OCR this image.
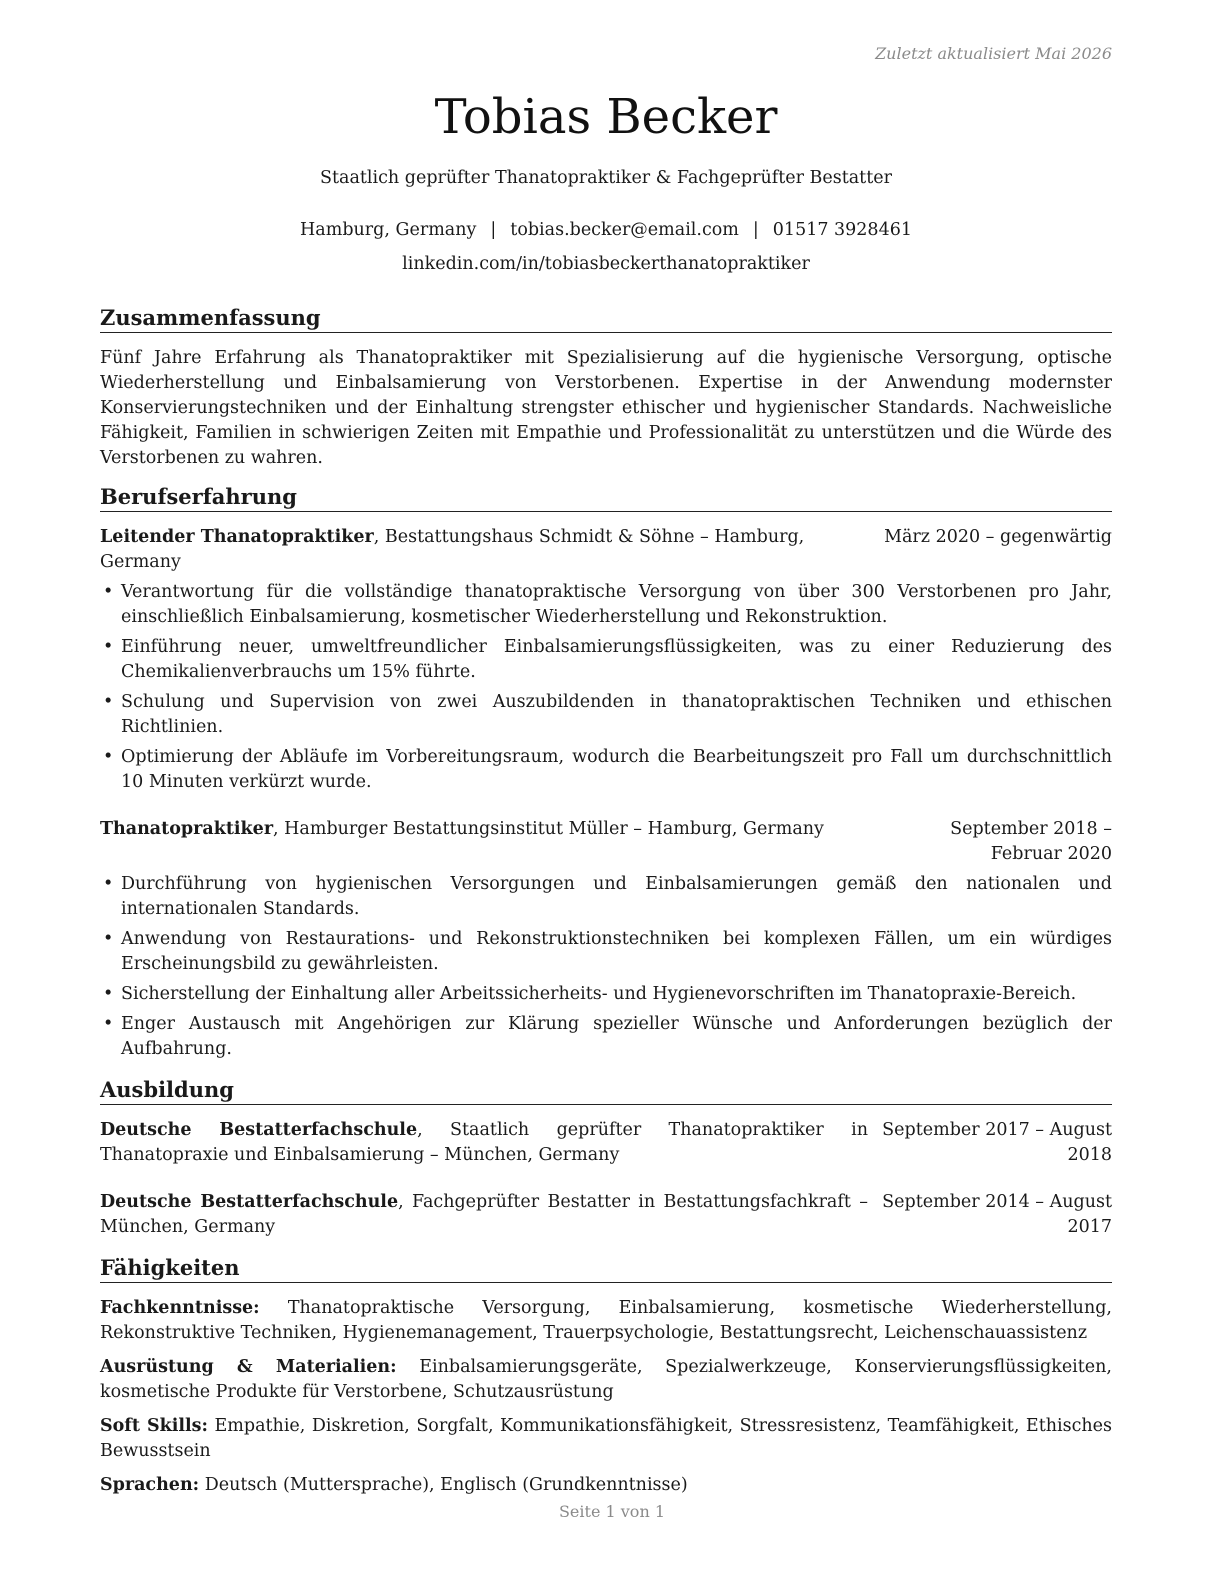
Zuletzt aktualisiert Mai 2026
Tobias Becker
Staatlich geprüfter Thanatopraktiker & Fachgeprüfter Bestatter
Hamburg, Germany | tobias.becker@email.com | 01517 3928461
linkedin.com/in/tobiasbeckerthanatopraktiker
Zusammenfassung
Fünf Jahre Erfahrung als Thanatopraktiker mit Spezialisierung auf die hygienische Versorgung, optische Wiederherstellung und Einbalsamierung von Verstorbenen. Expertise in der Anwendung modernster Konservierungstechniken und der Einhaltung strengster ethischer und hygienischer Standards. Nachweisliche Fähigkeit, Familien in schwierigen Zeiten mit Empathie und Professionalität zu unterstützen und die Würde des Verstorbenen zu wahren.
Berufserfahrung
Leitender Thanatopraktiker, Bestattungshaus Schmidt & Söhne – Hamburg, Germany
März 2020 – gegenwärtig
• Verantwortung für die vollständige thanatopraktische Versorgung von über 300 Verstorbenen pro Jahr, einschließlich Einbalsamierung, kosmetischer Wiederherstellung und Rekonstruktion.
• Einführung neuer, umweltfreundlicher Einbalsamierungsflüssigkeiten, was zu einer Reduzierung des Chemikalienverbrauchs um 15% führte.
• Schulung und Supervision von zwei Auszubildenden in thanatopraktischen Techniken und ethischen Richtlinien.
• Optimierung der Abläufe im Vorbereitungsraum, wodurch die Bearbeitungszeit pro Fall um durchschnittlich 10 Minuten verkürzt wurde.
Thanatopraktiker, Hamburger Bestattungsinstitut Müller – Hamburg, Germany	September 2018 – Februar 2020
• Durchführung von hygienischen Versorgungen und Einbalsamierungen gemäß den nationalen und internationalen Standards.
• Anwendung von Restaurations- und Rekonstruktionstechniken bei komplexen Fällen, um ein würdiges Erscheinungsbild zu gewährleisten.
• Sicherstellung der Einhaltung aller Arbeitssicherheits- und Hygienevorschriften im Thanatopraxie-Bereich.
• Enger Austausch mit Angehörigen zur Klärung spezieller Wünsche und Anforderungen bezüglich der Aufbahrung.
Ausbildung
Deutsche Bestatterfachschule, Staatlich geprüfter Thanatopraktiker in Thanatopraxie und Einbalsamierung – München, Germany
September 2017 – August 2018
Deutsche Bestatterfachschule, Fachgeprüfter Bestatter in Bestattungsfachkraft – München, Germany
September 2014 – August 2017
Fähigkeiten
Fachkenntnisse: Thanatopraktische Versorgung, Einbalsamierung, kosmetische Wiederherstellung, Rekonstruktive Techniken, Hygienemanagement, Trauerpsychologie, Bestattungsrecht, Leichenschauassistenz
Ausrüstung & Materialien: Einbalsamierungsgeräte, Spezialwerkzeuge, Konservierungsflüssigkeiten, kosmetische Produkte für Verstorbene, Schutzausrüstung
Soft Skills: Empathie, Diskretion, Sorgfalt, Kommunikationsfähigkeit, Stressresistenz, Teamfähigkeit, Ethisches Bewusstsein
Sprachen: Deutsch (Muttersprache), Englisch (Grundkenntnisse)
Seite 1 von 1
